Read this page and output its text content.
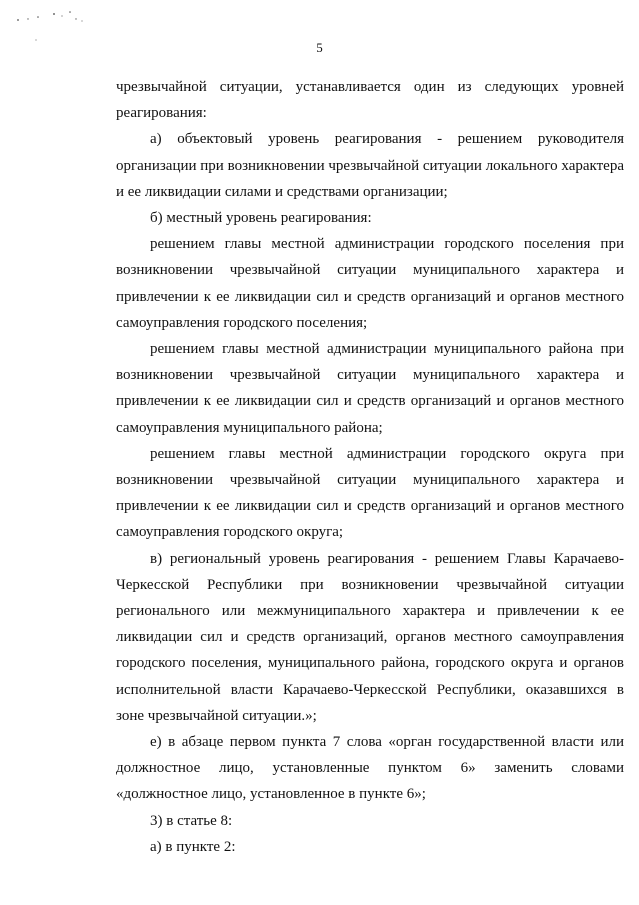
5

чрезвычайной ситуации, устанавливается один из следующих уровней реагирования:

а) объектовый уровень реагирования - решением руководителя организации при возникновении чрезвычайной ситуации локального характера и ее ликвидации силами и средствами организации;

б) местный уровень реагирования:

решением главы местной администрации городского поселения при возникновении чрезвычайной ситуации муниципального характера и привлечении к ее ликвидации сил и средств организаций и органов местного самоуправления городского поселения;

решением главы местной администрации муниципального района при возникновении чрезвычайной ситуации муниципального характера и привлечении к ее ликвидации сил и средств организаций и органов местного самоуправления муниципального района;

решением главы местной администрации городского округа при возникновении чрезвычайной ситуации муниципального характера и привлечении к ее ликвидации сил и средств организаций и органов местного самоуправления городского округа;

в) региональный уровень реагирования - решением Главы Карачаево-Черкесской Республики при возникновении чрезвычайной ситуации регионального или межмуниципального характера и привлечении к ее ликвидации сил и средств организаций, органов местного самоуправления городского поселения, муниципального района, городского округа и органов исполнительной власти Карачаево-Черкесской Республики, оказавшихся в зоне чрезвычайной ситуации.»;

е) в абзаце первом пункта 7 слова «орган государственной власти или должностное лицо, установленные пунктом 6» заменить словами «должностное лицо, установленное в пункте 6»;

3) в статье 8:

а) в пункте 2:
